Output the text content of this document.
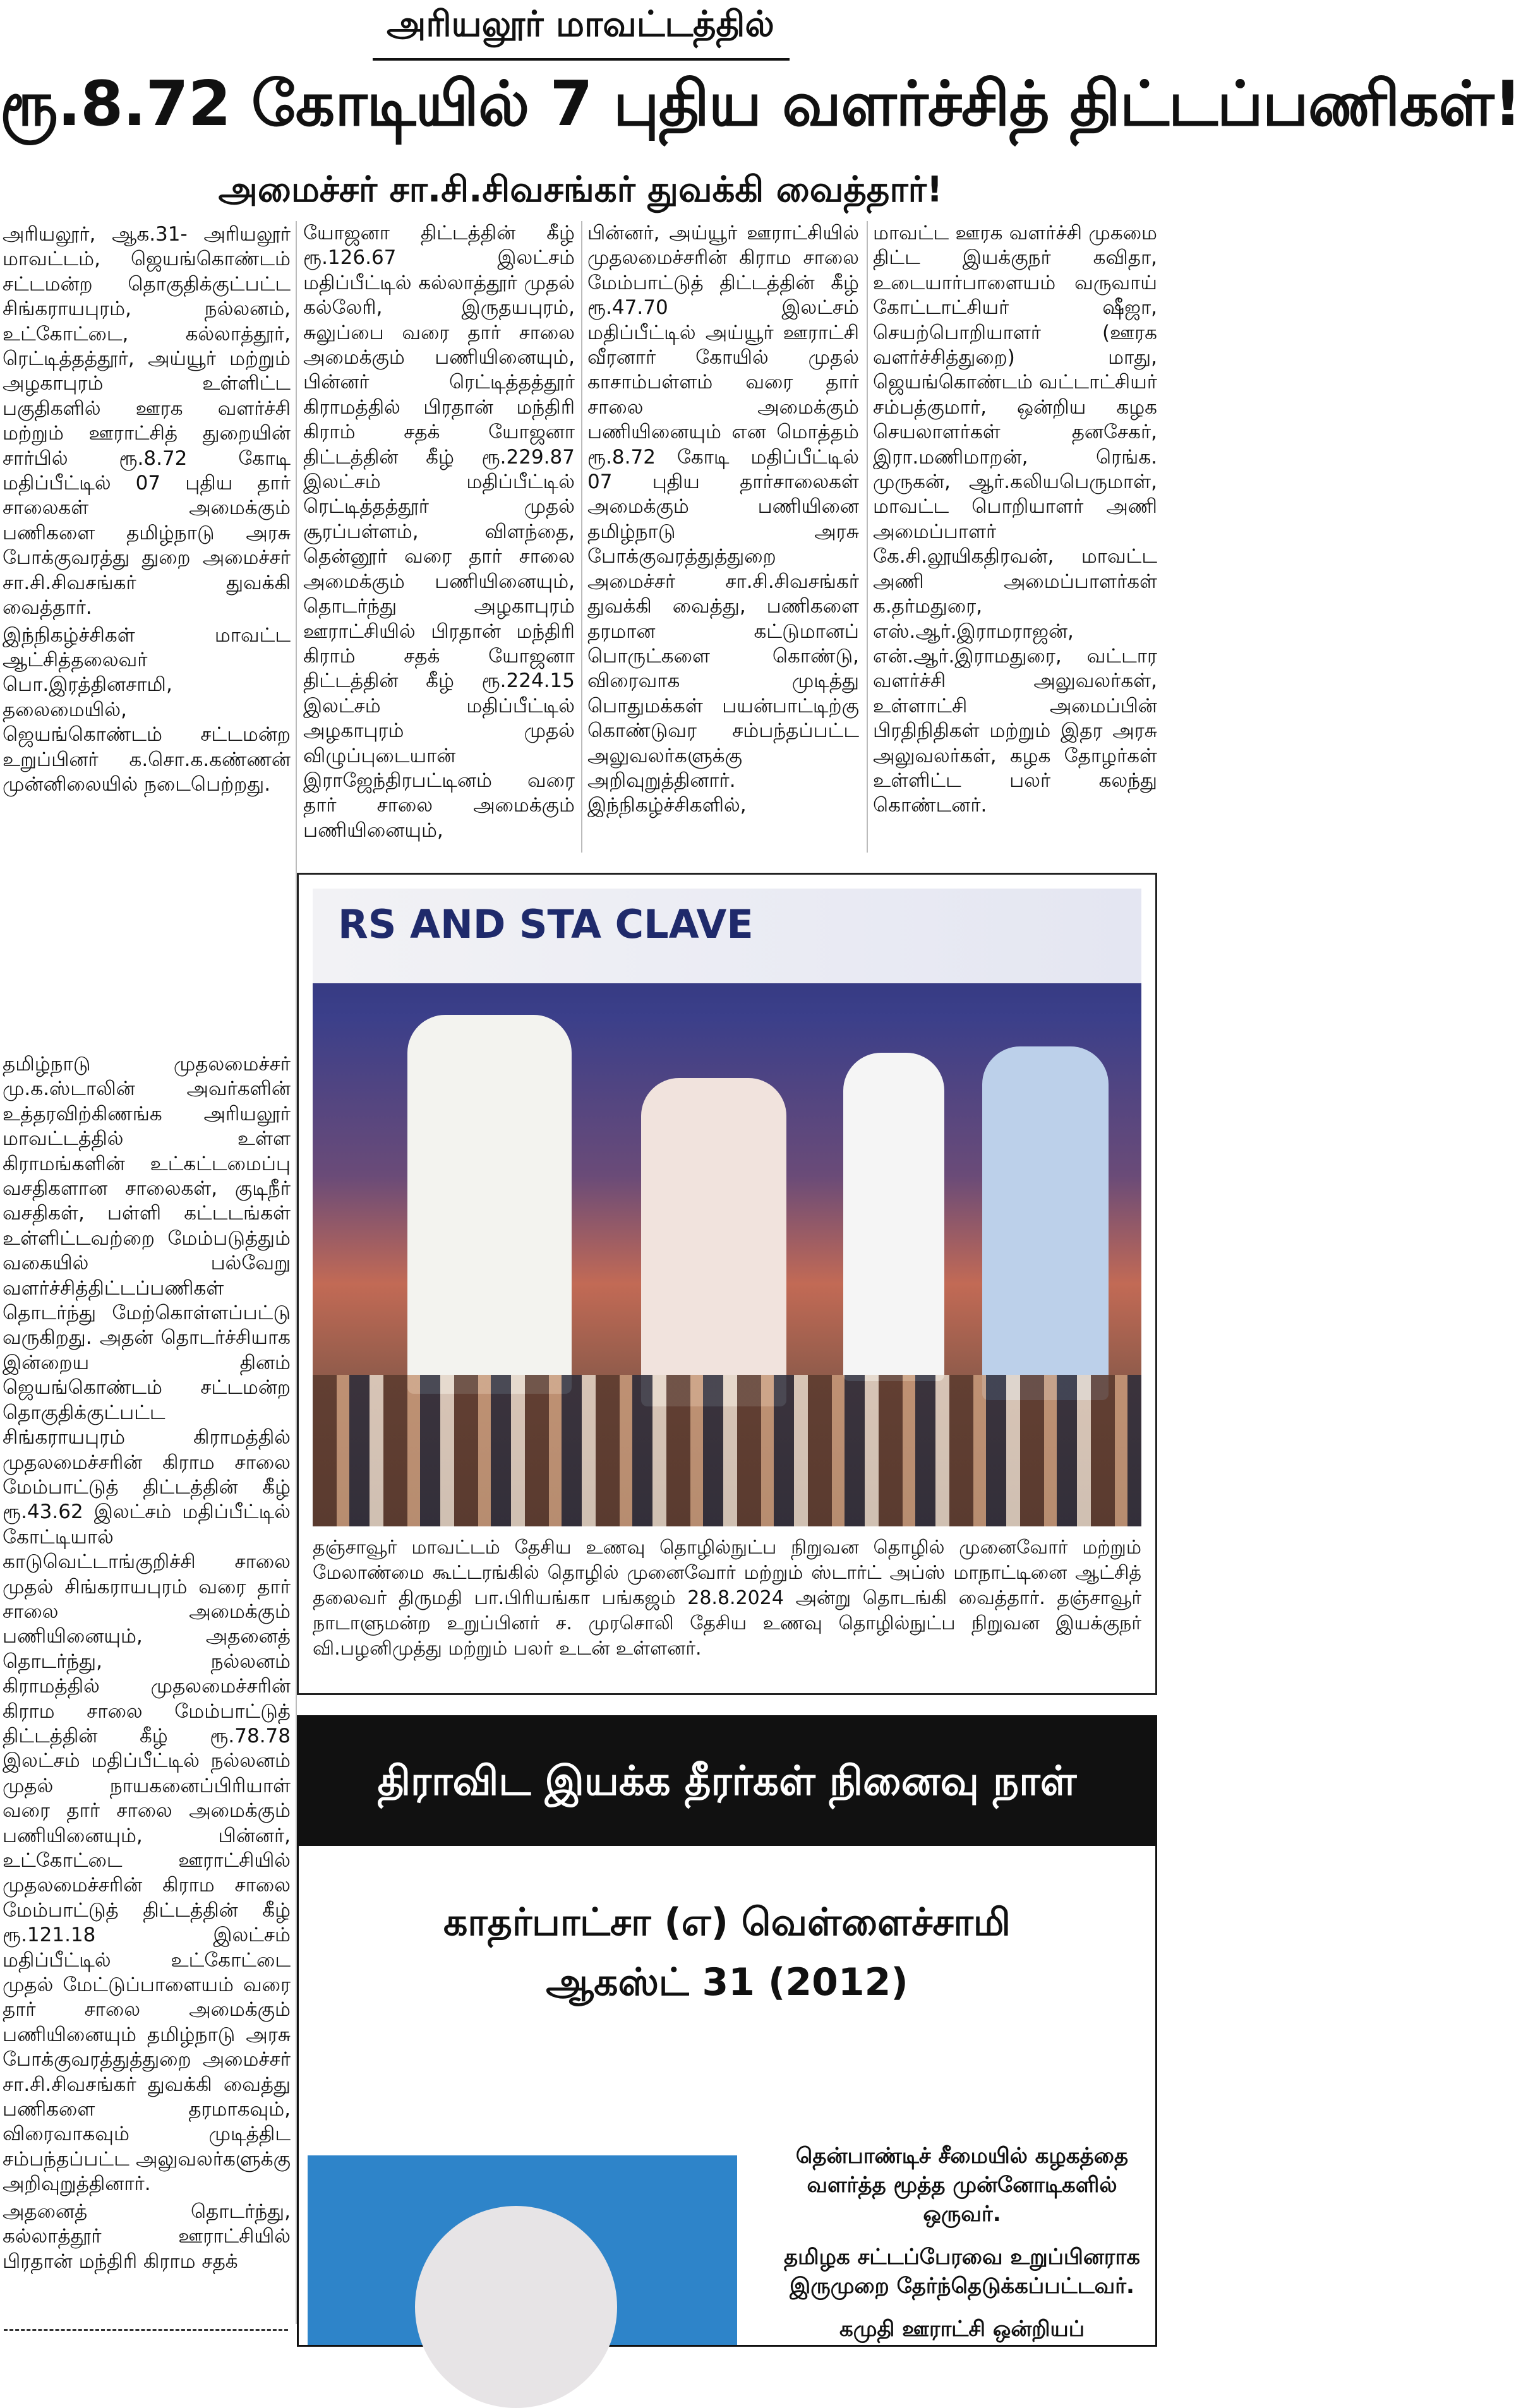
அரியலூர் மாவட்டத்தில்
ரூ.8.72 கோடியில் 7 புதிய வளர்ச்சித் திட்டப்பணிகள்!
அமைச்சர் சா.சி.சிவசங்கர் துவக்கி வைத்தார்!

அரியலூர், ஆக.31- அரியலூர் மாவட்டம், ஜெயங்கொண்டம் சட்டமன்ற தொகுதிக்குட்பட்ட சிங்கராயபுரம், நல்லனம், உட்கோட்டை, கல்லாத்தூர், ரெட்டித்தத்தூர், அய்யூர் மற்றும் அழகாபுரம் உள்ளிட்ட பகுதிகளில் ஊரக வளர்ச்சி மற்றும் ஊராட்சித் துறையின் சார்பில் ரூ.8.72 கோடி மதிப்பீட்டில் 07 புதிய தார் சாலைகள் அமைக்கும் பணிகளை தமிழ்நாடு அரசு போக்குவரத்து துறை அமைச்சர் சா.சி.சிவசங்கர் துவக்கி வைத்தார்.

இந்நிகழ்ச்சிகள் மாவட்ட ஆட்சித்தலைவர் பொ.இரத்தினசாமி, தலைமையில், ஜெயங்கொண்டம் சட்டமன்ற உறுப்பினர் க.சொ.க.கண்ணன் முன்னிலையில் நடைபெற்றது.

தமிழ்நாடு முதலமைச்சர் மு.க.ஸ்டாலின் அவர்களின் உத்தரவிற்கிணங்க அரியலூர் மாவட்டத்தில் உள்ள கிராமங்களின் உட்கட்டமைப்பு வசதிகளான சாலைகள், குடிநீர் வசதிகள், பள்ளி கட்டடங்கள் உள்ளிட்டவற்றை மேம்படுத்தும் வகையில் பல்வேறு வளர்ச்சித்திட்டப்பணிகள் தொடர்ந்து மேற்கொள்ளப்பட்டு வருகிறது. அதன் தொடர்ச்சியாக இன்றைய தினம் ஜெயங்கொண்டம் சட்டமன்ற தொகுதிக்குட்பட்ட சிங்கராயபுரம் கிராமத்தில் முதலமைச்சரின் கிராம சாலை மேம்பாட்டுத் திட்டத்தின் கீழ் ரூ.43.62 இலட்சம் மதிப்பீட்டில் கோட்டியால் காடுவெட்டாங்குறிச்சி சாலை முதல் சிங்கராயபுரம் வரை தார் சாலை அமைக்கும் பணியினையும், அதனைத் தொடர்ந்து, நல்லனம் கிராமத்தில் முதலமைச்சரின் கிராம சாலை மேம்பாட்டுத் திட்டத்தின் கீழ் ரூ.78.78 இலட்சம் மதிப்பீட்டில் நல்லனம் முதல் நாயகனைப்பிரியாள் வரை தார் சாலை அமைக்கும் பணியினையும், பின்னர், உட்கோட்டை ஊராட்சியில் முதலமைச்சரின் கிராம சாலை மேம்பாட்டுத் திட்டத்தின் கீழ் ரூ.121.18 இலட்சம் மதிப்பீட்டில் உட்கோட்டை முதல் மேட்டுப்பாளையம் வரை தார் சாலை அமைக்கும் பணியினையும் தமிழ்நாடு அரசு போக்குவரத்துத்துறை அமைச்சர் சா.சி.சிவசங்கர் துவக்கி வைத்து பணிகளை தரமாகவும், விரைவாகவும் முடித்திட சம்பந்தப்பட்ட அலுவலர்களுக்கு அறிவுறுத்தினார்.

அதனைத் தொடர்ந்து, கல்லாத்தூர் ஊராட்சியில் பிரதான் மந்திரி கிராம சதக்

யோஜனா திட்டத்தின் கீழ் ரூ.126.67 இலட்சம் மதிப்பீட்டில் கல்லாத்தூர் முதல் கல்லேரி, இருதயபுரம், சுலுப்பை வரை தார் சாலை அமைக்கும் பணியினையும், பின்னர் ரெட்டித்தத்தூர் கிராமத்தில் பிரதான் மந்திரி கிராம் சதக் யோஜனா திட்டத்தின் கீழ் ரூ.229.87 இலட்சம் மதிப்பீட்டில் ரெட்டித்தத்தூர் முதல் சூரப்பள்ளம், விளந்தை, தென்னூர் வரை தார் சாலை அமைக்கும் பணியினையும், தொடர்ந்து அழகாபுரம் ஊராட்சியில் பிரதான் மந்திரி கிராம் சதக் யோஜனா திட்டத்தின் கீழ் ரூ.224.15 இலட்சம் மதிப்பீட்டில் அழகாபுரம் முதல் விழுப்புடையான் இராஜேந்திரபட்டினம் வரை தார் சாலை அமைக்கும் பணியினையும்,
பின்னர், அய்யூர் ஊராட்சியில் முதலமைச்சரின் கிராம சாலை மேம்பாட்டுத் திட்டத்தின் கீழ் ரூ.47.70 இலட்சம் மதிப்பீட்டில் அய்யூர் ஊராட்சி வீரனார் கோயில் முதல் காசாம்பள்ளம் வரை தார் சாலை அமைக்கும் பணியினையும் என மொத்தம் ரூ.8.72 கோடி மதிப்பீட்டில் 07 புதிய தார்சாலைகள் அமைக்கும் பணியினை தமிழ்நாடு அரசு போக்குவரத்துத்துறை அமைச்சர் சா.சி.சிவசங்கர் துவக்கி வைத்து, பணிகளை தரமான கட்டுமானப் பொருட்களை கொண்டு, விரைவாக முடித்து பொதுமக்கள் பயன்பாட்டிற்கு கொண்டுவர சம்பந்தப்பட்ட அலுவலர்களுக்கு அறிவுறுத்தினார். இந்நிகழ்ச்சிகளில்,
மாவட்ட ஊரக வளர்ச்சி முகமை திட்ட இயக்குநர் கவிதா, உடையார்பாளையம் வருவாய் கோட்டாட்சியர் ஷீஜா, செயற்பொறியாளர் (ஊரக வளர்ச்சித்துறை) மாது, ஜெயங்கொண்டம் வட்டாட்சியர் சம்பத்குமார், ஒன்றிய கழக செயலாளர்கள் தனசேகர், இரா.மணிமாறன், ரெங்க. முருகன், ஆர்.கலியபெருமாள், மாவட்ட பொறியாளர் அணி அமைப்பாளர் கே.சி.லூயிகதிரவன், மாவட்ட அணி அமைப்பாளர்கள் க.தர்மதுரை, எஸ்.ஆர்.இராமராஜன், என்.ஆர்.இராமதுரை, வட்டார வளர்ச்சி அலுவலர்கள், உள்ளாட்சி அமைப்பின் பிரதிநிதிகள் மற்றும் இதர அரசு அலுவலர்கள், கழக தோழர்கள் உள்ளிட்ட பலர் கலந்து கொண்டனர்.
RS AND STA CLAVE
தஞ்சாவூர் மாவட்டம் தேசிய உணவு தொழில்நுட்ப நிறுவன தொழில் முனைவோர் மற்றும் மேலாண்மை கூட்டரங்கில் தொழில் முனைவோர் மற்றும் ஸ்டார்ட் அப்ஸ் மாநாட்டினை ஆட்சித் தலைவர் திருமதி பா.பிரியங்கா பங்கஜம் 28.8.2024 அன்று தொடங்கி வைத்தார். தஞ்சாவூர் நாடாளுமன்ற உறுப்பினர் ச. முரசொலி தேசிய உணவு தொழில்நுட்ப நிறுவன இயக்குநர் வி.பழனிமுத்து மற்றும் பலர் உடன் உள்ளனர்.
திராவிட இயக்க தீரர்கள் நினைவு நாள்
காதர்பாட்சா (எ) வெள்ளைச்சாமி
ஆகஸ்ட் 31 (2012)

தென்பாண்டிச் சீமையில் கழகத்தை வளர்த்த மூத்த முன்னோடிகளில் ஒருவர்.

தமிழக சட்டப்பேரவை உறுப்பினராக இருமுறை தேர்ந்தெடுக்கப்பட்டவர்.

கமுதி ஊராட்சி ஒன்றியப்
